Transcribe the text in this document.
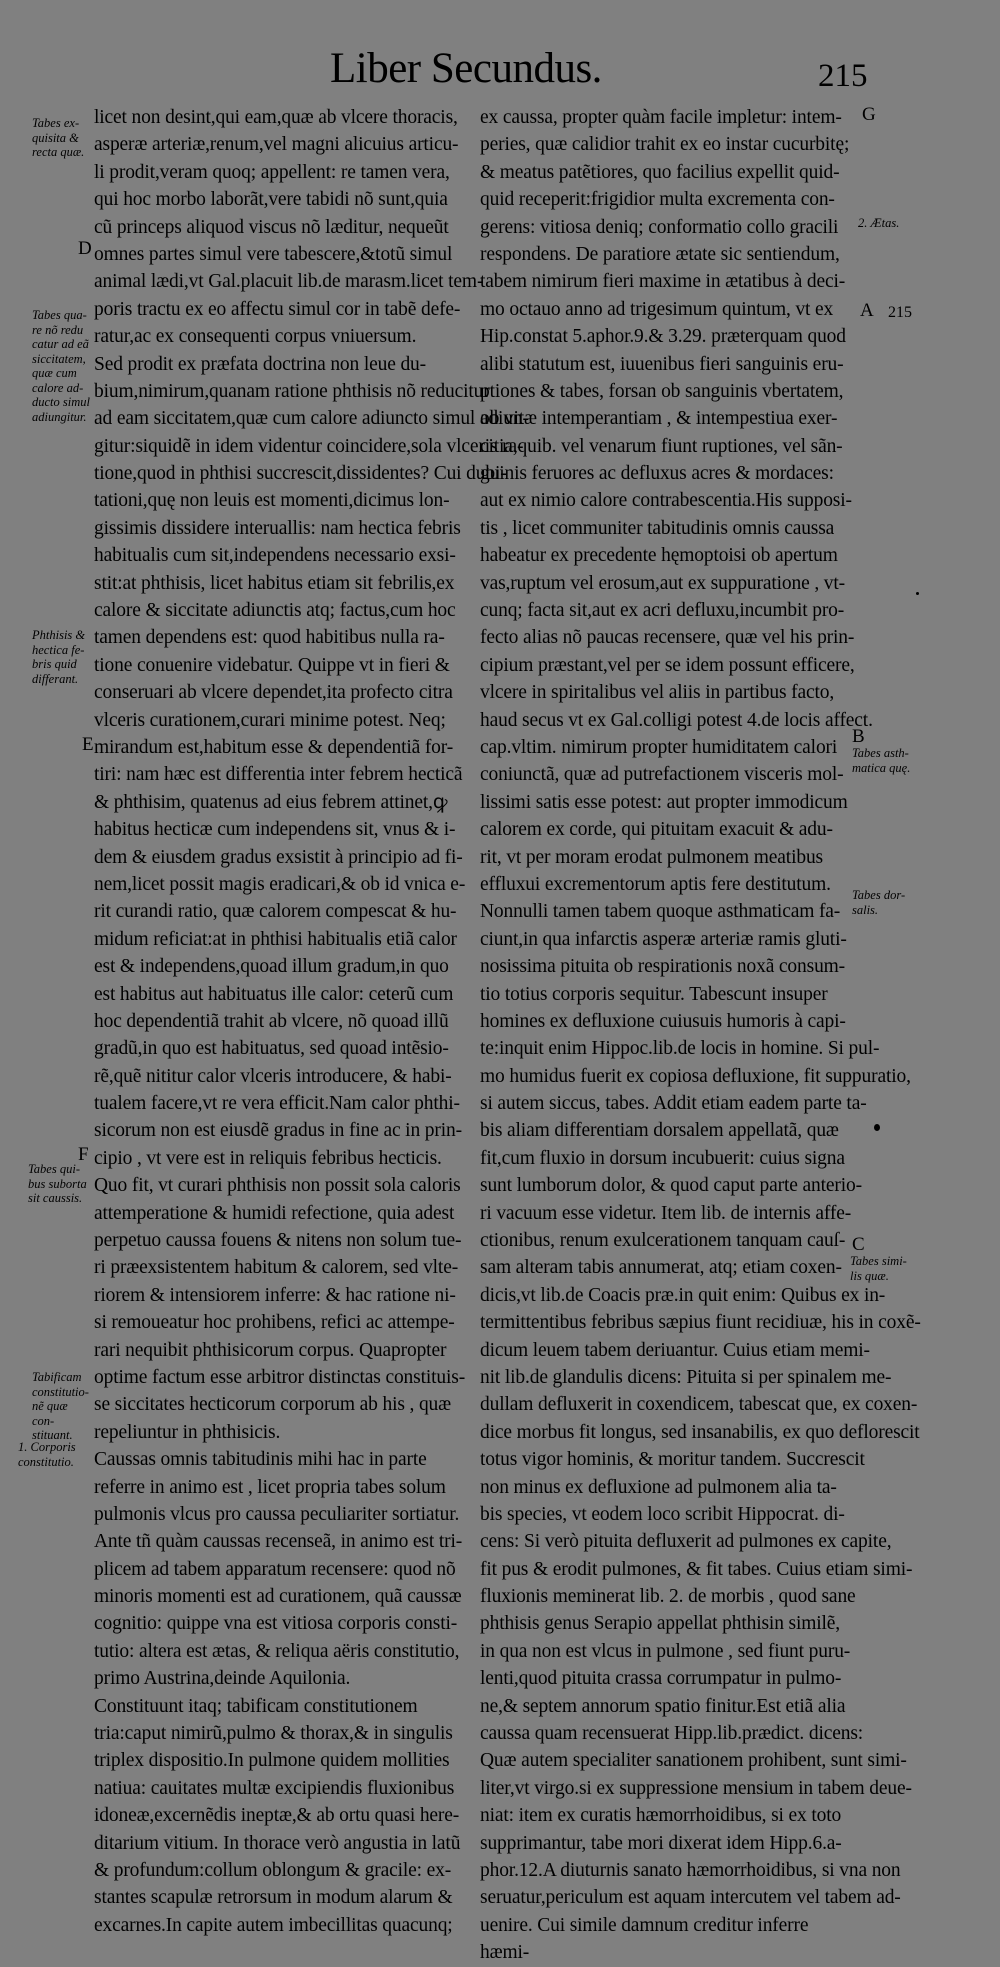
Liber Secundus.	215
licet non desint,qui eam,quæ ab vlcere thoracis,
asperæ arteriæ,renum,vel magni alicuius articu-
li prodit,veram quoq; appellent: re tamen vera,
qui hoc morbo laborãt,vere tabidi nõ sunt,quia
cũ princeps aliquod viscus nõ læditur, nequeũt
omnes partes simul vere tabescere,&totũ simul
animal lædi,vt Gal.placuit lib.de marasm.licet tem-
poris tractu ex eo affectu simul cor in tabẽ defe-
ratur,ac ex consequenti corpus vniuersum.
Sed prodit ex præfata doctrina non leue du-
bium,nimirum,quanam ratione phthisis nõ reducitur
ad eam siccitatem,quæ cum calore adiuncto simul adiun-
gitur:siquidẽ in idem videntur coincidere,sola vlceris ra-
tione,quod in phthisi succrescit,dissidentes? Cui dubi-
tationi,quę non leuis est momenti,dicimus lon-
gissimis dissidere interuallis: nam hectica febris
habitualis cum sit,independens necessario exsi-
stit:at phthisis, licet habitus etiam sit febrilis,ex
calore & siccitate adiunctis atq; factus,cum hoc
tamen dependens est: quod habitibus nulla ra-
tione conuenire videbatur. Quippe vt in fieri &
conseruari ab vlcere dependet,ita profecto citra
vlceris curationem,curari minime potest. Neq;
mirandum est,habitum esse & dependentiã for-
tiri: nam hæc est differentia inter febrem hecticã
& phthisim, quatenus ad eius febrem attinet,ꝙ
habitus hecticæ cum independens sit, vnus & i-
dem & eiusdem gradus exsistit à principio ad fi-
nem,licet possit magis eradicari,& ob id vnica e-
rit curandi ratio, quæ calorem compescat & hu-
midum reficiat:at in phthisi habitualis etiã calor
est & independens,quoad illum gradum,in quo
est habitus aut habituatus ille calor: ceterũ cum
hoc dependentiã trahit ab vlcere, nõ quoad illũ
gradũ,in quo est habituatus, sed quoad intẽsio-
rẽ,quẽ nititur calor vlceris introducere, & habi-
tualem facere,vt re vera efficit.Nam calor phthi-
sicorum non est eiusdẽ gradus in fine ac in prin-
cipio , vt vere est in reliquis febribus hecticis.
Quo fit, vt curari phthisis non possit sola caloris
attemperatione & humidi refectione, quia adest
perpetuo caussa fouens & nitens non solum tue-
ri præexsistentem habitum & calorem, sed vlte-
riorem & intensiorem inferre: & hac ratione ni-
si remoueatur hoc prohibens, refici ac attempe-
rari nequibit phthisicorum corpus. Quapropter
optime factum esse arbitror distinctas constituis-
se siccitates hecticorum corporum ab his , quæ
repeliuntur in phthisicis.
Caussas omnis tabitudinis mihi hac in parte
referre in animo est , licet propria tabes solum
pulmonis vlcus pro caussa peculiariter sortiatur.
Ante tñ quàm caussas recenseã, in animo est tri-
plicem ad tabem apparatum recensere: quod nõ
minoris momenti est ad curationem, quã caussæ
cognitio: quippe vna est vitiosa corporis consti-
tutio: altera est ætas, & reliqua aëris constitutio,
primo Austrina,deinde Aquilonia.
Constituunt itaq; tabificam constitutionem
tria:caput nimirũ,pulmo & thorax,& in singulis
triplex dispositio.In pulmone quidem mollities
natiua: cauitates multæ excipiendis fluxionibus
idoneæ,excernẽdis ineptæ,& ab ortu quasi here-
ditarium vitium. In thorace verò angustia in latũ
& profundum:collum oblongum & gracile: ex-
stantes scapulæ retrorsum in modum alarum &
excarnes.In capite autem imbecillitas quacunq;
ex caussa, propter quàm facile impletur: intem-
peries, quæ calidior trahit ex eo instar cucurbitę;
& meatus patẽtiores, quo facilius expellit quid-
quid receperit:frigidior multa excrementa con-
gerens: vitiosa deniq; conformatio collo gracili
respondens. De paratiore ætate sic sentiendum,
tabem nimirum fieri maxime in ætatibus à deci-
mo octauo anno ad trigesimum quintum, vt ex
Hip.constat 5.aphor.9.& 3.29. præterquam quod
alibi statutum est, iuuenibus fieri sanguinis eru-
ptiones & tabes, forsan ob sanguinis vbertatem,
ob vitæ intemperantiam , & intempestiua exer-
citia,quib. vel venarum fiunt ruptiones, vel sãn-
guinis feruores ac defluxus acres & mordaces:
aut ex nimio calore contrabescentia.His supposi-
tis , licet communiter tabitudinis omnis caussa
habeatur ex precedente hęmoptoisi ob apertum
vas,ruptum vel erosum,aut ex suppuratione , vt-
cunq; facta sit,aut ex acri defluxu,incumbit pro-
fecto alias nõ paucas recensere, quæ vel his prin-
cipium præstant,vel per se idem possunt efficere,
vlcere in spiritalibus vel aliis in partibus facto,
haud secus vt ex Gal.colligi potest 4.de locis affect.
cap.vltim. nimirum propter humiditatem calori
coniunctã, quæ ad putrefactionem visceris mol-
lissimi satis esse potest: aut propter immodicum
calorem ex corde, qui pituitam exacuit & adu-
rit, vt per moram erodat pulmonem meatibus
effluxui excrementorum aptis fere destitutum.
Nonnulli tamen tabem quoque asthmaticam fa-
ciunt,in qua infarctis asperæ arteriæ ramis gluti-
nosissima pituita ob respirationis noxã consum-
tio totius corporis sequitur. Tabescunt insuper
homines ex defluxione cuiusuis humoris à capi-
te:inquit enim Hippoc.lib.de locis in homine. Si pul-
mo humidus fuerit ex copiosa defluxione, fit suppuratio,
si autem siccus, tabes. Addit etiam eadem parte ta-
bis aliam differentiam dorsalem appellatã, quæ
fit,cum fluxio in dorsum incubuerit: cuius signa
sunt lumborum dolor, & quod caput parte anterio-
ri vacuum esse videtur. Item lib. de internis affe-
ctionibus, renum exulcerationem tanquam cauſ-
sam alteram tabis annumerat, atq; etiam coxen-
dicis,vt lib.de Coacis præ.in quit enim: Quibus ex in-
termittentibus febribus sæpius fiunt recidiuæ, his in coxẽ-
dicum leuem tabem deriuantur. Cuius etiam memi-
nit lib.de glandulis dicens: Pituita si per spinalem me-
dullam defluxerit in coxendicem, tabescat que, ex coxen-
dice morbus fit longus, sed insanabilis, ex quo deflorescit
totus vigor hominis, & moritur tandem. Succrescit
non minus ex defluxione ad pulmonem alia ta-
bis species, vt eodem loco scribit Hippocrat. di-
cens: Si verò pituita defluxerit ad pulmones ex capite,
fit pus & erodit pulmones, & fit tabes. Cuius etiam simi-
fluxionis meminerat lib. 2. de morbis , quod sane
phthisis genus Serapio appellat phthisin similẽ,
in qua non est vlcus in pulmone , sed fiunt puru-
lenti,quod pituita crassa corrumpatur in pulmo-
ne,& septem annorum spatio finitur.Est etiã alia
caussa quam recensuerat Hipp.lib.prædict. dicens:
Quæ autem specialiter sanationem prohibent, sunt simi-
liter,vt virgo.si ex suppressione mensium in tabem deue-
niat: item ex curatis hæmorrhoidibus, si ex toto
supprimantur, tabe mori dixerat idem Hipp.6.a-
phor.12.A diuturnis sanato hæmorrhoidibus, si vna non
seruatur,periculum est aquam intercutem vel tabem ad-
uenire. Cui simile damnum creditur inferre
hæmi-
Tabes ex-
quisita &
recta quæ.
Tabes qua-
re nõ redu
catur ad eã
siccitatem,
quæ cum
calore ad-
ducto simul
adiungitur.
Phthisis &
hectica fe-
bris quid
differant.
Tabes qui-
bus suborta
sit caussis.
Tabificam
constitutio-
nẽ quæ con-
stituant.
1. Corporis
constitutio.
2. Ætas.
Tabes asth-
matica quę.
Tabes dor-
salis.
Tabes simi-
lis quæ.
D
E
F
G
A 215
B
C
